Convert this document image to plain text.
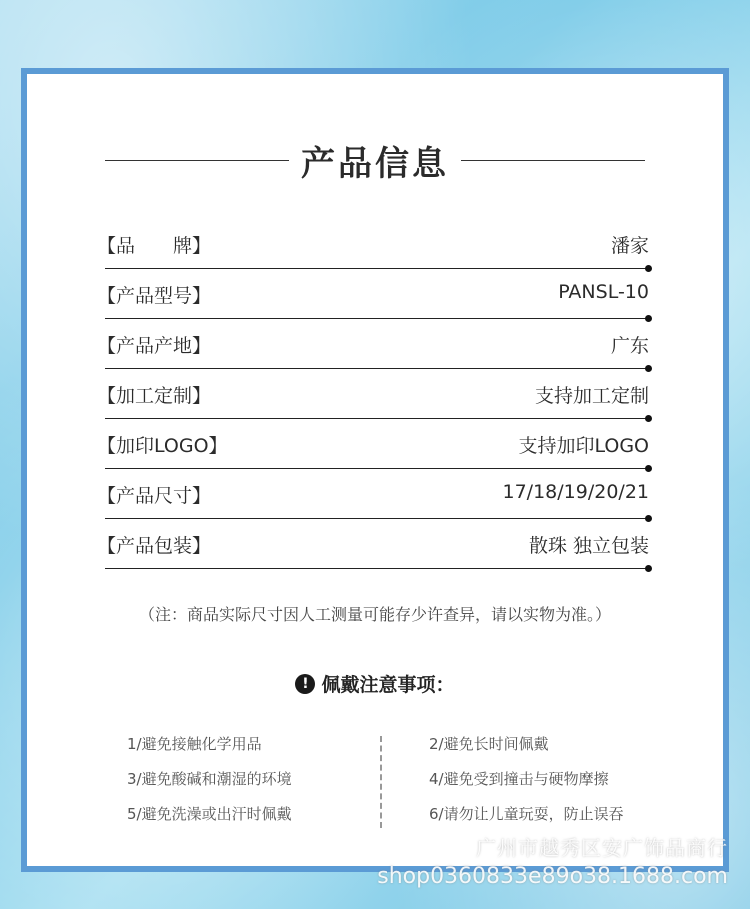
产品信息
【品　　牌】	潘家
【产品型号】	PANSL-10
【产品产地】	广东
【加工定制】	支持加工定制
【加印LOGO】	支持加印LOGO
【产品尺寸】	17/18/19/20/21
【产品包装】	散珠 独立包装
（注：商品实际尺寸因人工测量可能存少许查异，请以实物为准。）
! 佩戴注意事项：
1/避免接触化学用品
3/避免酸碱和潮湿的环境
5/避免洗澡或出汗时佩戴
2/避免长时间佩戴
4/避免受到撞击与硬物摩擦
6/请勿让儿童玩耍，防止误吞
广州市越秀区安广饰品商行
shop0360833e89o38.1688.com
